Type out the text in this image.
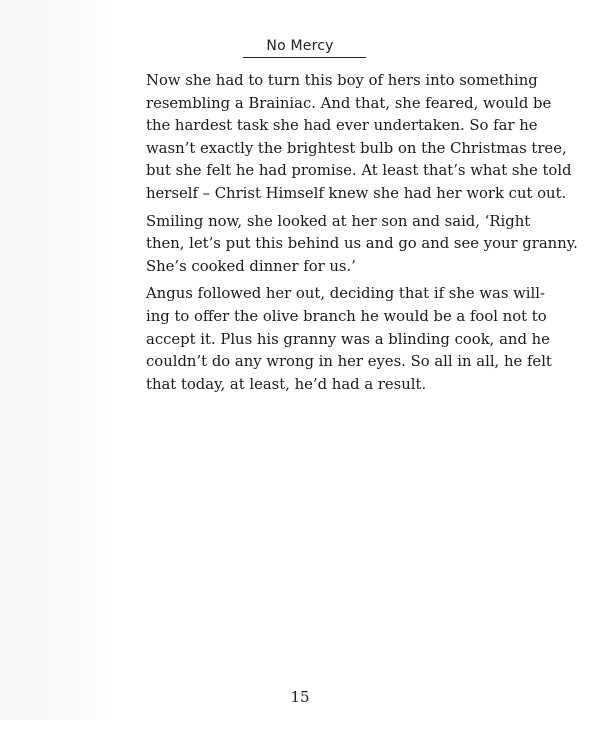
No Mercy
Now she had to turn this boy of hers into something
resembling a Brainiac. And that, she feared, would be
the hardest task she had ever undertaken. So far he
wasn’t exactly the brightest bulb on the Christmas tree,
but she felt he had promise. At least that’s what she told
herself – Christ Himself knew she had her work cut out.
Smiling now, she looked at her son and said, ‘Right
then, let’s put this behind us and go and see your granny.
She’s cooked dinner for us.’
Angus followed her out, deciding that if she was will-
ing to offer the olive branch he would be a fool not to
accept it. Plus his granny was a blinding cook, and he
couldn’t do any wrong in her eyes. So all in all, he felt
that today, at least, he’d had a result.
15
